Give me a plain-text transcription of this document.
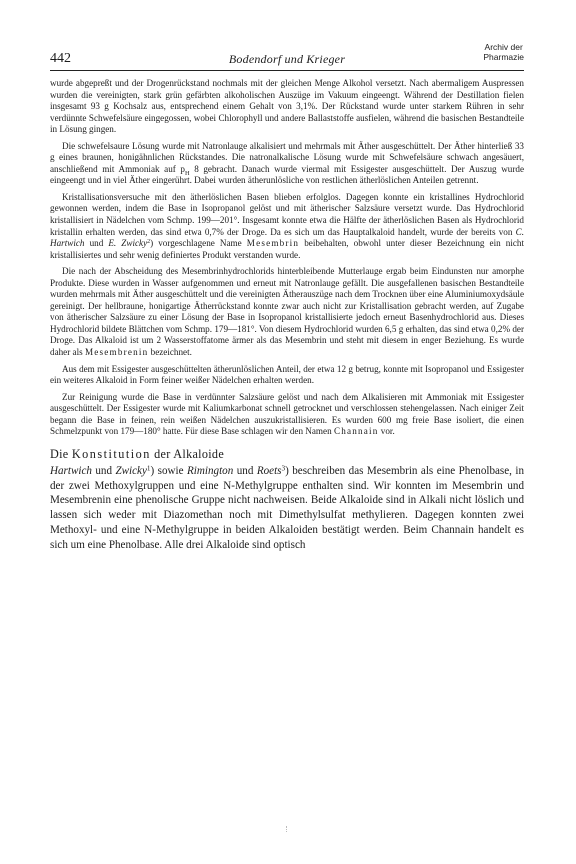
442	Bodendorf und Krieger
Archiv der
Pharmazie

wurde abgepreßt und der Drogenrückstand nochmals mit der gleichen Menge Alkohol versetzt. Nach abermaligem Auspressen wurden die vereinigten, stark grün gefärbten alkoholischen Auszüge im Vakuum eingeengt. Während der Destillation fielen insgesamt 93 g Kochsalz aus, entsprechend einem Gehalt von 3,1%. Der Rückstand wurde unter starkem Rühren in sehr verdünnte Schwefelsäure eingegossen, wobei Chlorophyll und andere Ballaststoffe ausfielen, während die basischen Bestandteile in Lösung gingen.

Die schwefelsaure Lösung wurde mit Natronlauge alkalisiert und mehrmals mit Äther ausgeschüttelt. Der Äther hinterließ 33 g eines braunen, honigähnlichen Rückstandes. Die natronalkalische Lösung wurde mit Schwefelsäure schwach angesäuert, anschließend mit Ammoniak auf $p_H$ 8 gebracht. Danach wurde viermal mit Essigester ausgeschüttelt. Der Auszug wurde eingeengt und in viel Äther eingerührt. Dabei wurden ätherunlösliche von restlichen ätherlöslichen Anteilen getrennt.

Kristallisationsversuche mit den ätherlöslichen Basen blieben erfolglos. Dagegen konnte ein kristallines Hydrochlorid gewonnen werden, indem die Base in Isopropanol gelöst und mit ätherischer Salzsäure versetzt wurde. Das Hydrochlorid kristallisiert in Nädelchen vom Schmp. 199—201°. Insgesamt konnte etwa die Hälfte der ätherlöslichen Basen als Hydrochlorid kristallin erhalten werden, das sind etwa 0,7% der Droge. Da es sich um das Hauptalkaloid handelt, wurde der bereits von C. Hartwich und E. Zwicky$^2$) vorgeschlagene Name Mesembrin beibehalten, obwohl unter dieser Bezeichnung ein nicht kristallisiertes und sehr wenig definiertes Produkt verstanden wurde.

Die nach der Abscheidung des Mesembrinhydrochlorids hinterbleibende Mutterlauge ergab beim Eindunsten nur amorphe Produkte. Diese wurden in Wasser aufgenommen und erneut mit Natronlauge gefällt. Die ausgefallenen basischen Bestandteile wurden mehrmals mit Äther ausgeschüttelt und die vereinigten Ätherauszüge nach dem Trocknen über eine Aluminiumoxydsäule gereinigt. Der hellbraune, honigartige Ätherrückstand konnte zwar auch nicht zur Kristallisation gebracht werden, auf Zugabe von ätherischer Salzsäure zu einer Lösung der Base in Isopropanol kristallisierte jedoch erneut Basenhydrochlorid aus. Dieses Hydrochlorid bildete Blättchen vom Schmp. 179—181°. Von diesem Hydrochlorid wurden 6,5 g erhalten, das sind etwa 0,2% der Droge. Das Alkaloid ist um 2 Wasserstoffatome ärmer als das Mesembrin und steht mit diesem in enger Beziehung. Es wurde daher als Mesembrenin bezeichnet.

Aus dem mit Essigester ausgeschüttelten ätherunlöslichen Anteil, der etwa 12 g betrug, konnte mit Isopropanol und Essigester ein weiteres Alkaloid in Form feiner weißer Nädelchen erhalten werden.

Zur Reinigung wurde die Base in verdünnter Salzsäure gelöst und nach dem Alkalisieren mit Ammoniak mit Essigester ausgeschüttelt. Der Essigester wurde mit Kaliumkarbonat schnell getrocknet und verschlossen stehengelassen. Nach einiger Zeit begann die Base in feinen, rein weißen Nädelchen auszukristallisieren. Es wurden 600 mg freie Base isoliert, die einen Schmelzpunkt von 179—180° hatte. Für diese Base schlagen wir den Namen Channain vor.

Die Konstitution der Alkaloide

Hartwich und Zwicky$^1$) sowie Rimington und Roets$^3$) beschreiben das Mesembrin als eine Phenolbase, in der zwei Methoxylgruppen und eine N-Methylgruppe enthalten sind. Wir konnten im Mesembrin und Mesembrenin eine phenolische Gruppe nicht nachweisen. Beide Alkaloide sind in Alkali nicht löslich und lassen sich weder mit Diazomethan noch mit Dimethylsulfat methylieren. Dagegen konnten zwei Methoxyl- und eine N-Methylgruppe in beiden Alkaloiden bestätigt werden. Beim Channain handelt es sich um eine Phenolbase. Alle drei Alkaloide sind optisch
